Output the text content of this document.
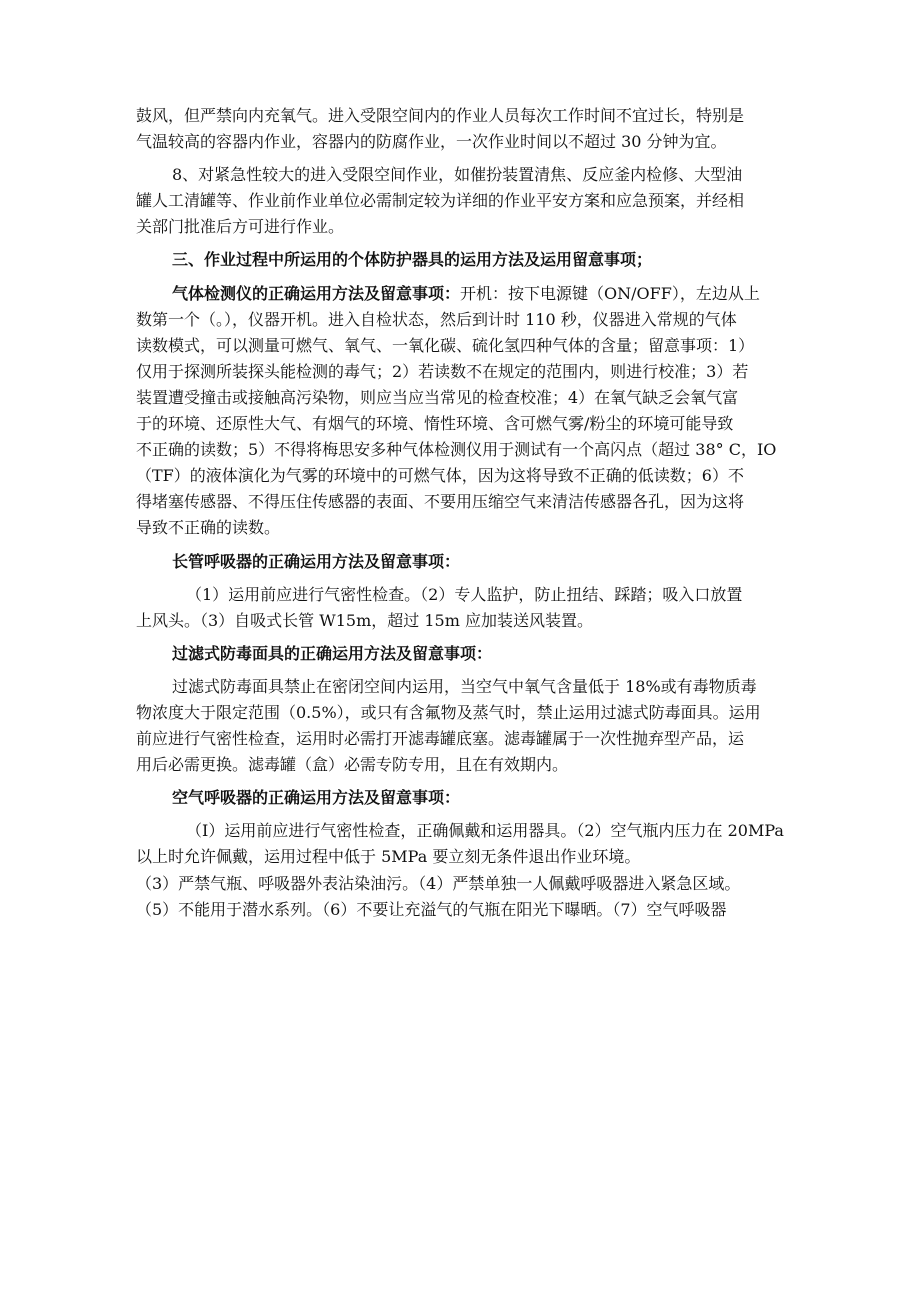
鼓风，但严禁向内充氧气。进入受限空间内的作业人员每次工作时间不宜过长，特别是
气温较高的容器内作业，容器内的防腐作业，一次作业时间以不超过 30 分钟为宜。
8、对紧急性较大的进入受限空间作业，如催扮装置清焦、反应釜内检修、大型油
罐人工清罐等、作业前作业单位必需制定较为详细的作业平安方案和应急预案，并经相
关部门批准后方可进行作业。
三、作业过程中所运用的个体防护器具的运用方法及运用留意事项；
气体检测仪的正确运用方法及留意事项：开机：按下电源键（ON/OFF），左边从上
数第一个（。），仪器开机。进入自检状态，然后到计时 110 秒，仪器进入常规的气体
读数模式，可以测量可燃气、氧气、一氧化碳、硫化氢四种气体的含量；留意事项：1）
仅用于探测所装探头能检测的毒气；2）若读数不在规定的范围内，则进行校准；3）若
装置遭受撞击或接触高污染物，则应当应当常见的检查校准；4）在氧气缺乏会氧气富
于的环境、还原性大气、有烟气的环境、惰性环境、含可燃气雾/粉尘的环境可能导致
不正确的读数；5）不得将梅思安多种气体检测仪用于测试有一个高闪点（超过 38° C，IO
（TF）的液体演化为气雾的环境中的可燃气体，因为这将导致不正确的低读数；6）不
得堵塞传感器、不得压住传感器的表面、不要用压缩空气来清洁传感器各孔，因为这将
导致不正确的读数。
长管呼吸器的正确运用方法及留意事项：
（1）运用前应进行气密性检查。（2）专人监护，防止扭结、踩踏；吸入口放置
上风头。（3）自吸式长管 W15m，超过 15m 应加装送风装置。
过滤式防毒面具的正确运用方法及留意事项：
过滤式防毒面具禁止在密闭空间内运用，当空气中氧气含量低于 18%或有毒物质毒
物浓度大于限定范围（0.5%），或只有含氟物及蒸气时，禁止运用过滤式防毒面具。运用
前应进行气密性检查，运用时必需打开滤毒罐底塞。滤毒罐属于一次性抛弃型产品，运
用后必需更换。滤毒罐（盒）必需专防专用，且在有效期内。
空气呼吸器的正确运用方法及留意事项：
（I）运用前应进行气密性检查，正确佩戴和运用器具。（2）空气瓶内压力在 20MPa
以上时允许佩戴，运用过程中低于 5MPa 要立刻无条件退出作业环境。
（3）严禁气瓶、呼吸器外表沾染油污。（4）严禁单独一人佩戴呼吸器进入紧急区域。
（5）不能用于潜水系列。（6）不要让充溢气的气瓶在阳光下曝晒。（7）空气呼吸器
